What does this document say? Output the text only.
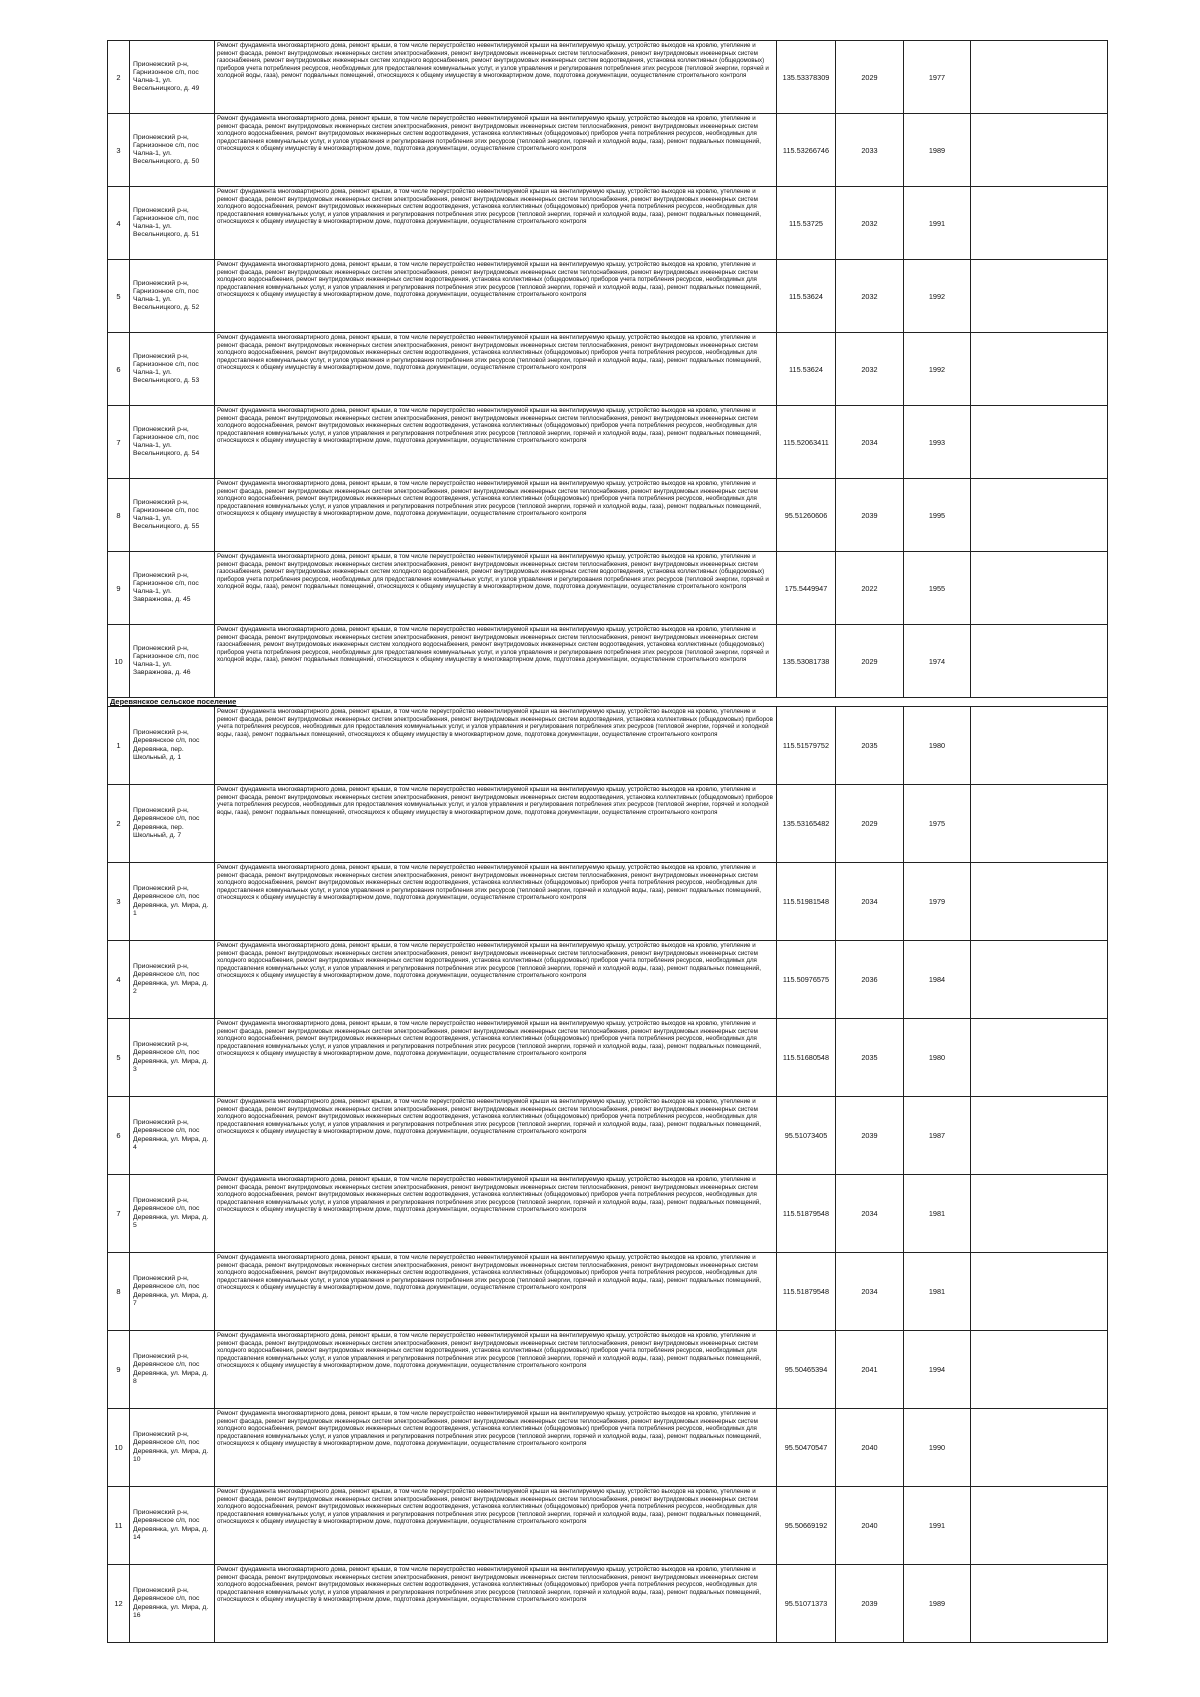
2	Прионежский р-н, Гарнизонное с/п, пос Чална-1, ул. Весельницкого, д. 49	Ремонт фундамента многоквартирного дома, ремонт крыши, в том числе переустройство невентилируемой крыши на вентилируемую крышу, устройство выходов на кровлю, утепление и ремонт фасада, ремонт внутридомовых инженерных систем электроснабжения, ремонт внутридомовых инженерных систем теплоснабжения, ремонт внутридомовых инженерных систем газоснабжения, ремонт внутридомовых инженерных систем холодного водоснабжения, ремонт внутридомовых инженерных систем водоотведения, установка коллективных (общедомовых) приборов учета потребления ресурсов, необходимых для предоставления коммунальных услуг, и узлов управления и регулирования потребления этих ресурсов (тепловой энергии, горячей и холодной воды, газа), ремонт подвальных помещений, относящихся к общему имуществу в многоквартирном доме, подготовка документации, осуществление строительного контроля	135.53378309	2029	1977	
3	Прионежский р-н, Гарнизонное с/п, пос Чална-1, ул. Весельницкого, д. 50	Ремонт фундамента многоквартирного дома, ремонт крыши, в том числе переустройство невентилируемой крыши на вентилируемую крышу, устройство выходов на кровлю, утепление и ремонт фасада, ремонт внутридомовых инженерных систем электроснабжения, ремонт внутридомовых инженерных систем теплоснабжения, ремонт внутридомовых инженерных систем холодного водоснабжения, ремонт внутридомовых инженерных систем водоотведения, установка коллективных (общедомовых) приборов учета потребления ресурсов, необходимых для предоставления коммунальных услуг, и узлов управления и регулирования потребления этих ресурсов (тепловой энергии, горячей и холодной воды, газа), ремонт подвальных помещений, относящихся к общему имуществу в многоквартирном доме, подготовка документации, осуществление строительного контроля	115.53266746	2033	1989	
4	Прионежский р-н, Гарнизонное с/п, пос Чална-1, ул. Весельницкого, д. 51	Ремонт фундамента многоквартирного дома, ремонт крыши, в том числе переустройство невентилируемой крыши на вентилируемую крышу, устройство выходов на кровлю, утепление и ремонт фасада, ремонт внутридомовых инженерных систем электроснабжения, ремонт внутридомовых инженерных систем теплоснабжения, ремонт внутридомовых инженерных систем холодного водоснабжения, ремонт внутридомовых инженерных систем водоотведения, установка коллективных (общедомовых) приборов учета потребления ресурсов, необходимых для предоставления коммунальных услуг, и узлов управления и регулирования потребления этих ресурсов (тепловой энергии, горячей и холодной воды, газа), ремонт подвальных помещений, относящихся к общему имуществу в многоквартирном доме, подготовка документации, осуществление строительного контроля	115.53725	2032	1991	
5	Прионежский р-н, Гарнизонное с/п, пос Чална-1, ул. Весельницкого, д. 52	Ремонт фундамента многоквартирного дома, ремонт крыши, в том числе переустройство невентилируемой крыши на вентилируемую крышу, устройство выходов на кровлю, утепление и ремонт фасада, ремонт внутридомовых инженерных систем электроснабжения, ремонт внутридомовых инженерных систем теплоснабжения, ремонт внутридомовых инженерных систем холодного водоснабжения, ремонт внутридомовых инженерных систем водоотведения, установка коллективных (общедомовых) приборов учета потребления ресурсов, необходимых для предоставления коммунальных услуг, и узлов управления и регулирования потребления этих ресурсов (тепловой энергии, горячей и холодной воды, газа), ремонт подвальных помещений, относящихся к общему имуществу в многоквартирном доме, подготовка документации, осуществление строительного контроля	115.53624	2032	1992	
6	Прионежский р-н, Гарнизонное с/п, пос Чална-1, ул. Весельницкого, д. 53	Ремонт фундамента многоквартирного дома, ремонт крыши, в том числе переустройство невентилируемой крыши на вентилируемую крышу, устройство выходов на кровлю, утепление и ремонт фасада, ремонт внутридомовых инженерных систем электроснабжения, ремонт внутридомовых инженерных систем теплоснабжения, ремонт внутридомовых инженерных систем холодного водоснабжения, ремонт внутридомовых инженерных систем водоотведения, установка коллективных (общедомовых) приборов учета потребления ресурсов, необходимых для предоставления коммунальных услуг, и узлов управления и регулирования потребления этих ресурсов (тепловой энергии, горячей и холодной воды, газа), ремонт подвальных помещений, относящихся к общему имуществу в многоквартирном доме, подготовка документации, осуществление строительного контроля	115.53624	2032	1992	
7	Прионежский р-н, Гарнизонное с/п, пос Чална-1, ул. Весельницкого, д. 54	Ремонт фундамента многоквартирного дома, ремонт крыши, в том числе переустройство невентилируемой крыши на вентилируемую крышу, устройство выходов на кровлю, утепление и ремонт фасада, ремонт внутридомовых инженерных систем электроснабжения, ремонт внутридомовых инженерных систем теплоснабжения, ремонт внутридомовых инженерных систем холодного водоснабжения, ремонт внутридомовых инженерных систем водоотведения, установка коллективных (общедомовых) приборов учета потребления ресурсов, необходимых для предоставления коммунальных услуг, и узлов управления и регулирования потребления этих ресурсов (тепловой энергии, горячей и холодной воды, газа), ремонт подвальных помещений, относящихся к общему имуществу в многоквартирном доме, подготовка документации, осуществление строительного контроля	115.52063411	2034	1993	
8	Прионежский р-н, Гарнизонное с/п, пос Чална-1, ул. Весельницкого, д. 55	Ремонт фундамента многоквартирного дома, ремонт крыши, в том числе переустройство невентилируемой крыши на вентилируемую крышу, устройство выходов на кровлю, утепление и ремонт фасада, ремонт внутридомовых инженерных систем электроснабжения, ремонт внутридомовых инженерных систем теплоснабжения, ремонт внутридомовых инженерных систем холодного водоснабжения, ремонт внутридомовых инженерных систем водоотведения, установка коллективных (общедомовых) приборов учета потребления ресурсов, необходимых для предоставления коммунальных услуг, и узлов управления и регулирования потребления этих ресурсов (тепловой энергии, горячей и холодной воды, газа), ремонт подвальных помещений, относящихся к общему имуществу в многоквартирном доме, подготовка документации, осуществление строительного контроля	95.51260606	2039	1995	
9	Прионежский р-н, Гарнизонное с/п, пос Чална-1, ул. Завражнова, д. 45	Ремонт фундамента многоквартирного дома, ремонт крыши, в том числе переустройство невентилируемой крыши на вентилируемую крышу, устройство выходов на кровлю, утепление и ремонт фасада, ремонт внутридомовых инженерных систем электроснабжения, ремонт внутридомовых инженерных систем теплоснабжения, ремонт внутридомовых инженерных систем газоснабжения, ремонт внутридомовых инженерных систем холодного водоснабжения, ремонт внутридомовых инженерных систем водоотведения, установка коллективных (общедомовых) приборов учета потребления ресурсов, необходимых для предоставления коммунальных услуг, и узлов управления и регулирования потребления этих ресурсов (тепловой энергии, горячей и холодной воды, газа), ремонт подвальных помещений, относящихся к общему имуществу в многоквартирном доме, подготовка документации, осуществление строительного контроля	175.5449947	2022	1955	
10	Прионежский р-н, Гарнизонное с/п, пос Чална-1, ул. Завражнова, д. 46	Ремонт фундамента многоквартирного дома, ремонт крыши, в том числе переустройство невентилируемой крыши на вентилируемую крышу, устройство выходов на кровлю, утепление и ремонт фасада, ремонт внутридомовых инженерных систем электроснабжения, ремонт внутридомовых инженерных систем теплоснабжения, ремонт внутридомовых инженерных систем газоснабжения, ремонт внутридомовых инженерных систем холодного водоснабжения, ремонт внутридомовых инженерных систем водоотведения, установка коллективных (общедомовых) приборов учета потребления ресурсов, необходимых для предоставления коммунальных услуг, и узлов управления и регулирования потребления этих ресурсов (тепловой энергии, горячей и холодной воды, газа), ремонт подвальных помещений, относящихся к общему имуществу в многоквартирном доме, подготовка документации, осуществление строительного контроля	135.53081738	2029	1974	
Деревянское сельское поселение						
1	Прионежский р-н, Деревянское с/п, пос Деревянка, пер. Школьный, д. 1	Ремонт фундамента многоквартирного дома, ремонт крыши, в том числе переустройство невентилируемой крыши на вентилируемую крышу, устройство выходов на кровлю, утепление и ремонт фасада, ремонт внутридомовых инженерных систем электроснабжения, ремонт внутридомовых инженерных систем водоотведения, установка коллективных (общедомовых) приборов учета потребления ресурсов, необходимых для предоставления коммунальных услуг, и узлов управления и регулирования потребления этих ресурсов (тепловой энергии, горячей и холодной воды, газа), ремонт подвальных помещений, относящихся к общему имуществу в многоквартирном доме, подготовка документации, осуществление строительного контроля	115.51579752	2035	1980	
2	Прионежский р-н, Деревянское с/п, пос Деревянка, пер. Школьный, д. 7	Ремонт фундамента многоквартирного дома, ремонт крыши, в том числе переустройство невентилируемой крыши на вентилируемую крышу, устройство выходов на кровлю, утепление и ремонт фасада, ремонт внутридомовых инженерных систем электроснабжения, ремонт внутридомовых инженерных систем водоотведения, установка коллективных (общедомовых) приборов учета потребления ресурсов, необходимых для предоставления коммунальных услуг, и узлов управления и регулирования потребления этих ресурсов (тепловой энергии, горячей и холодной воды, газа), ремонт подвальных помещений, относящихся к общему имуществу в многоквартирном доме, подготовка документации, осуществление строительного контроля	135.53165482	2029	1975	
3	Прионежский р-н, Деревянское с/п, пос Деревянка, ул. Мира, д. 1	Ремонт фундамента многоквартирного дома, ремонт крыши, в том числе переустройство невентилируемой крыши на вентилируемую крышу, устройство выходов на кровлю, утепление и ремонт фасада, ремонт внутридомовых инженерных систем электроснабжения, ремонт внутридомовых инженерных систем теплоснабжения, ремонт внутридомовых инженерных систем холодного водоснабжения, ремонт внутридомовых инженерных систем водоотведения, установка коллективных (общедомовых) приборов учета потребления ресурсов, необходимых для предоставления коммунальных услуг, и узлов управления и регулирования потребления этих ресурсов (тепловой энергии, горячей и холодной воды, газа), ремонт подвальных помещений, относящихся к общему имуществу в многоквартирном доме, подготовка документации, осуществление строительного контроля	115.51981548	2034	1979	
4	Прионежский р-н, Деревянское с/п, пос Деревянка, ул. Мира, д. 2	Ремонт фундамента многоквартирного дома, ремонт крыши, в том числе переустройство невентилируемой крыши на вентилируемую крышу, устройство выходов на кровлю, утепление и ремонт фасада, ремонт внутридомовых инженерных систем электроснабжения, ремонт внутридомовых инженерных систем теплоснабжения, ремонт внутридомовых инженерных систем холодного водоснабжения, ремонт внутридомовых инженерных систем водоотведения, установка коллективных (общедомовых) приборов учета потребления ресурсов, необходимых для предоставления коммунальных услуг, и узлов управления и регулирования потребления этих ресурсов (тепловой энергии, горячей и холодной воды, газа), ремонт подвальных помещений, относящихся к общему имуществу в многоквартирном доме, подготовка документации, осуществление строительного контроля	115.50976575	2036	1984	
5	Прионежский р-н, Деревянское с/п, пос Деревянка, ул. Мира, д. 3	Ремонт фундамента многоквартирного дома, ремонт крыши, в том числе переустройство невентилируемой крыши на вентилируемую крышу, устройство выходов на кровлю, утепление и ремонт фасада, ремонт внутридомовых инженерных систем электроснабжения, ремонт внутридомовых инженерных систем теплоснабжения, ремонт внутридомовых инженерных систем холодного водоснабжения, ремонт внутридомовых инженерных систем водоотведения, установка коллективных (общедомовых) приборов учета потребления ресурсов, необходимых для предоставления коммунальных услуг, и узлов управления и регулирования потребления этих ресурсов (тепловой энергии, горячей и холодной воды, газа), ремонт подвальных помещений, относящихся к общему имуществу в многоквартирном доме, подготовка документации, осуществление строительного контроля	115.51680548	2035	1980	
6	Прионежский р-н, Деревянское с/п, пос Деревянка, ул. Мира, д. 4	Ремонт фундамента многоквартирного дома, ремонт крыши, в том числе переустройство невентилируемой крыши на вентилируемую крышу, устройство выходов на кровлю, утепление и ремонт фасада, ремонт внутридомовых инженерных систем электроснабжения, ремонт внутридомовых инженерных систем теплоснабжения, ремонт внутридомовых инженерных систем холодного водоснабжения, ремонт внутридомовых инженерных систем водоотведения, установка коллективных (общедомовых) приборов учета потребления ресурсов, необходимых для предоставления коммунальных услуг, и узлов управления и регулирования потребления этих ресурсов (тепловой энергии, горячей и холодной воды, газа), ремонт подвальных помещений, относящихся к общему имуществу в многоквартирном доме, подготовка документации, осуществление строительного контроля	95.51073405	2039	1987	
7	Прионежский р-н, Деревянское с/п, пос Деревянка, ул. Мира, д. 5	Ремонт фундамента многоквартирного дома, ремонт крыши, в том числе переустройство невентилируемой крыши на вентилируемую крышу, устройство выходов на кровлю, утепление и ремонт фасада, ремонт внутридомовых инженерных систем электроснабжения, ремонт внутридомовых инженерных систем теплоснабжения, ремонт внутридомовых инженерных систем холодного водоснабжения, ремонт внутридомовых инженерных систем водоотведения, установка коллективных (общедомовых) приборов учета потребления ресурсов, необходимых для предоставления коммунальных услуг, и узлов управления и регулирования потребления этих ресурсов (тепловой энергии, горячей и холодной воды, газа), ремонт подвальных помещений, относящихся к общему имуществу в многоквартирном доме, подготовка документации, осуществление строительного контроля	115.51879548	2034	1981	
8	Прионежский р-н, Деревянское с/п, пос Деревянка, ул. Мира, д. 7	Ремонт фундамента многоквартирного дома, ремонт крыши, в том числе переустройство невентилируемой крыши на вентилируемую крышу, устройство выходов на кровлю, утепление и ремонт фасада, ремонт внутридомовых инженерных систем электроснабжения, ремонт внутридомовых инженерных систем теплоснабжения, ремонт внутридомовых инженерных систем холодного водоснабжения, ремонт внутридомовых инженерных систем водоотведения, установка коллективных (общедомовых) приборов учета потребления ресурсов, необходимых для предоставления коммунальных услуг, и узлов управления и регулирования потребления этих ресурсов (тепловой энергии, горячей и холодной воды, газа), ремонт подвальных помещений, относящихся к общему имуществу в многоквартирном доме, подготовка документации, осуществление строительного контроля	115.51879548	2034	1981	
9	Прионежский р-н, Деревянское с/п, пос Деревянка, ул. Мира, д. 8	Ремонт фундамента многоквартирного дома, ремонт крыши, в том числе переустройство невентилируемой крыши на вентилируемую крышу, устройство выходов на кровлю, утепление и ремонт фасада, ремонт внутридомовых инженерных систем электроснабжения, ремонт внутридомовых инженерных систем теплоснабжения, ремонт внутридомовых инженерных систем холодного водоснабжения, ремонт внутридомовых инженерных систем водоотведения, установка коллективных (общедомовых) приборов учета потребления ресурсов, необходимых для предоставления коммунальных услуг, и узлов управления и регулирования потребления этих ресурсов (тепловой энергии, горячей и холодной воды, газа), ремонт подвальных помещений, относящихся к общему имуществу в многоквартирном доме, подготовка документации, осуществление строительного контроля	95.50465394	2041	1994	
10	Прионежский р-н, Деревянское с/п, пос Деревянка, ул. Мира, д. 10	Ремонт фундамента многоквартирного дома, ремонт крыши, в том числе переустройство невентилируемой крыши на вентилируемую крышу, устройство выходов на кровлю, утепление и ремонт фасада, ремонт внутридомовых инженерных систем электроснабжения, ремонт внутридомовых инженерных систем теплоснабжения, ремонт внутридомовых инженерных систем холодного водоснабжения, ремонт внутридомовых инженерных систем водоотведения, установка коллективных (общедомовых) приборов учета потребления ресурсов, необходимых для предоставления коммунальных услуг, и узлов управления и регулирования потребления этих ресурсов (тепловой энергии, горячей и холодной воды, газа), ремонт подвальных помещений, относящихся к общему имуществу в многоквартирном доме, подготовка документации, осуществление строительного контроля	95.50470547	2040	1990	
11	Прионежский р-н, Деревянское с/п, пос Деревянка, ул. Мира, д. 14	Ремонт фундамента многоквартирного дома, ремонт крыши, в том числе переустройство невентилируемой крыши на вентилируемую крышу, устройство выходов на кровлю, утепление и ремонт фасада, ремонт внутридомовых инженерных систем электроснабжения, ремонт внутридомовых инженерных систем теплоснабжения, ремонт внутридомовых инженерных систем холодного водоснабжения, ремонт внутридомовых инженерных систем водоотведения, установка коллективных (общедомовых) приборов учета потребления ресурсов, необходимых для предоставления коммунальных услуг, и узлов управления и регулирования потребления этих ресурсов (тепловой энергии, горячей и холодной воды, газа), ремонт подвальных помещений, относящихся к общему имуществу в многоквартирном доме, подготовка документации, осуществление строительного контроля	95.50669192	2040	1991	
12	Прионежский р-н, Деревянское с/п, пос Деревянка, ул. Мира, д. 16	Ремонт фундамента многоквартирного дома, ремонт крыши, в том числе переустройство невентилируемой крыши на вентилируемую крышу, устройство выходов на кровлю, утепление и ремонт фасада, ремонт внутридомовых инженерных систем электроснабжения, ремонт внутридомовых инженерных систем теплоснабжения, ремонт внутридомовых инженерных систем холодного водоснабжения, ремонт внутридомовых инженерных систем водоотведения, установка коллективных (общедомовых) приборов учета потребления ресурсов, необходимых для предоставления коммунальных услуг, и узлов управления и регулирования потребления этих ресурсов (тепловой энергии, горячей и холодной воды, газа), ремонт подвальных помещений, относящихся к общему имуществу в многоквартирном доме, подготовка документации, осуществление строительного контроля	95.51071373	2039	1989	
